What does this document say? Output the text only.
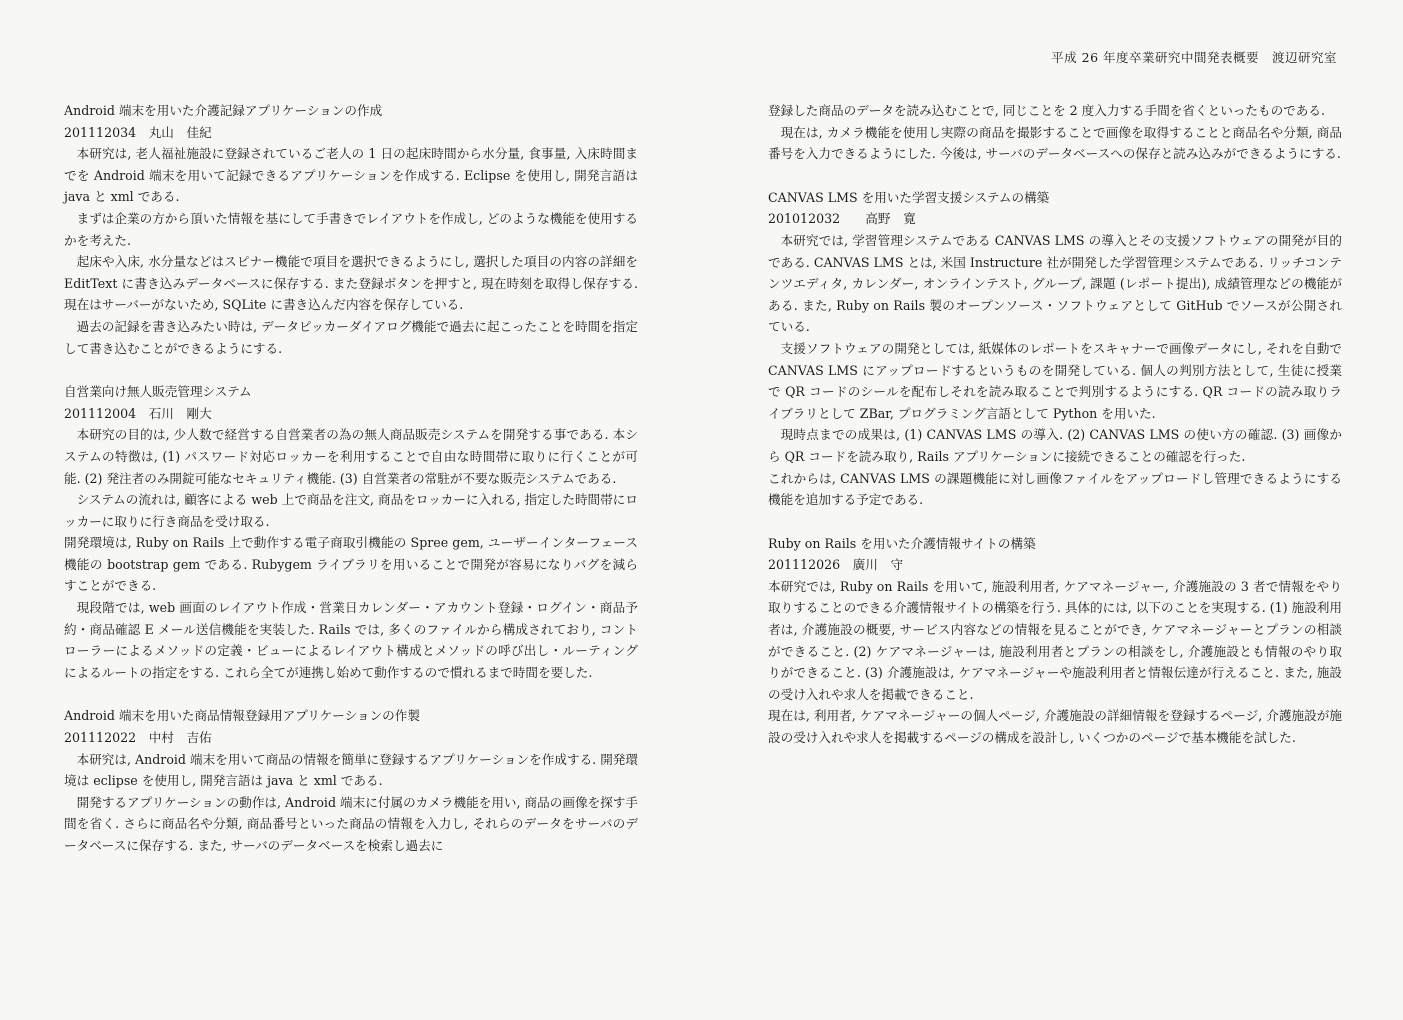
平成 26 年度卒業研究中間発表概要　渡辺研究室

Android 端末を用いた介護記録アプリケーションの作成

201112034　丸山　佳紀

本研究は, 老人福祉施設に登録されているご老人の 1 日の起床時間から水分量, 食事量, 入床時間までを Android 端末を用いて記録できるアプリケーションを作成する. Eclipse を使用し, 開発言語は java と xml である.

まずは企業の方から頂いた情報を基にして手書きでレイアウトを作成し, どのような機能を使用するかを考えた.

起床や入床, 水分量などはスピナー機能で項目を選択できるようにし, 選択した項目の内容の詳細を EditText に書き込みデータベースに保存する. また登録ボタンを押すと, 現在時刻を取得し保存する. 現在はサーバーがないため, SQLite に書き込んだ内容を保存している.

過去の記録を書き込みたい時は, データピッカーダイアログ機能で過去に起こったことを時間を指定して書き込むことができるようにする.

自営業向け無人販売管理システム

201112004　石川　剛大

本研究の目的は, 少人数で経営する自営業者の為の無人商品販売システムを開発する事である. 本システムの特徴は, (1) パスワード対応ロッカーを利用することで自由な時間帯に取りに行くことが可能. (2) 発注者のみ開錠可能なセキュリティ機能. (3) 自営業者の常駐が不要な販売システムである.

システムの流れは, 顧客による web 上で商品を注文, 商品をロッカーに入れる, 指定した時間帯にロッカーに取りに行き商品を受け取る.

開発環境は, Ruby on Rails 上で動作する電子商取引機能の Spree gem, ユーザーインターフェース機能の bootstrap gem である. Rubygem ライブラリを用いることで開発が容易になりバグを減らすことができる.

現段階では, web 画面のレイアウト作成・営業日カレンダー・アカウント登録・ログイン・商品予約・商品確認 E メール送信機能を実装した. Rails では, 多くのファイルから構成されており, コントローラーによるメソッドの定義・ビューによるレイアウト構成とメソッドの呼び出し・ルーティングによるルートの指定をする. これら全てが連携し始めて動作するので慣れるまで時間を要した.

Android 端末を用いた商品情報登録用アプリケーションの作製

201112022　中村　吉佑

本研究は, Android 端末を用いて商品の情報を簡単に登録するアプリケーションを作成する. 開発環境は eclipse を使用し, 開発言語は java と xml である.

開発するアプリケーションの動作は, Android 端末に付属のカメラ機能を用い, 商品の画像を探す手間を省く. さらに商品名や分類, 商品番号といった商品の情報を入力し, それらのデータをサーバのデータベースに保存する. また, サーバのデータベースを検索し過去に

登録した商品のデータを読み込むことで, 同じことを 2 度入力する手間を省くといったものである.

現在は, カメラ機能を使用し実際の商品を撮影することで画像を取得することと商品名や分類, 商品番号を入力できるようにした. 今後は, サーバのデータベースへの保存と読み込みができるようにする.

CANVAS LMS を用いた学習支援システムの構築

201012032　　高野　寛

本研究では, 学習管理システムである CANVAS LMS の導入とその支援ソフトウェアの開発が目的である. CANVAS LMS とは, 米国 Instructure 社が開発した学習管理システムである. リッチコンテンツエディタ, カレンダー, オンラインテスト, グループ, 課題 (レポート提出), 成績管理などの機能がある. また, Ruby on Rails 製のオープンソース・ソフトウェアとして GitHub でソースが公開されている.

支援ソフトウェアの開発としては, 紙媒体のレポートをスキャナーで画像データにし, それを自動で CANVAS LMS にアップロードするというものを開発している. 個人の判別方法として, 生徒に授業で QR コードのシールを配布しそれを読み取ることで判別するようにする. QR コードの読み取りライブラリとして ZBar, プログラミング言語として Python を用いた.

現時点までの成果は, (1) CANVAS LMS の導入. (2) CANVAS LMS の使い方の確認. (3) 画像から QR コードを読み取り, Rails アプリケーションに接続できることの確認を行った.

これからは, CANVAS LMS の課題機能に対し画像ファイルをアップロードし管理できるようにする機能を追加する予定である.

Ruby on Rails を用いた介護情報サイトの構築

201112026　廣川　守

本研究では, Ruby on Rails を用いて, 施設利用者, ケアマネージャー, 介護施設の 3 者で情報をやり取りすることのできる介護情報サイトの構築を行う. 具体的には, 以下のことを実現する. (1) 施設利用者は, 介護施設の概要, サービス内容などの情報を見ることができ, ケアマネージャーとプランの相談ができること. (2) ケアマネージャーは, 施設利用者とプランの相談をし, 介護施設とも情報のやり取りができること. (3) 介護施設は, ケアマネージャーや施設利用者と情報伝達が行えること. また, 施設の受け入れや求人を掲載できること.

現在は, 利用者, ケアマネージャーの個人ページ, 介護施設の詳細情報を登録するページ, 介護施設が施設の受け入れや求人を掲載するページの構成を設計し, いくつかのページで基本機能を試した.
